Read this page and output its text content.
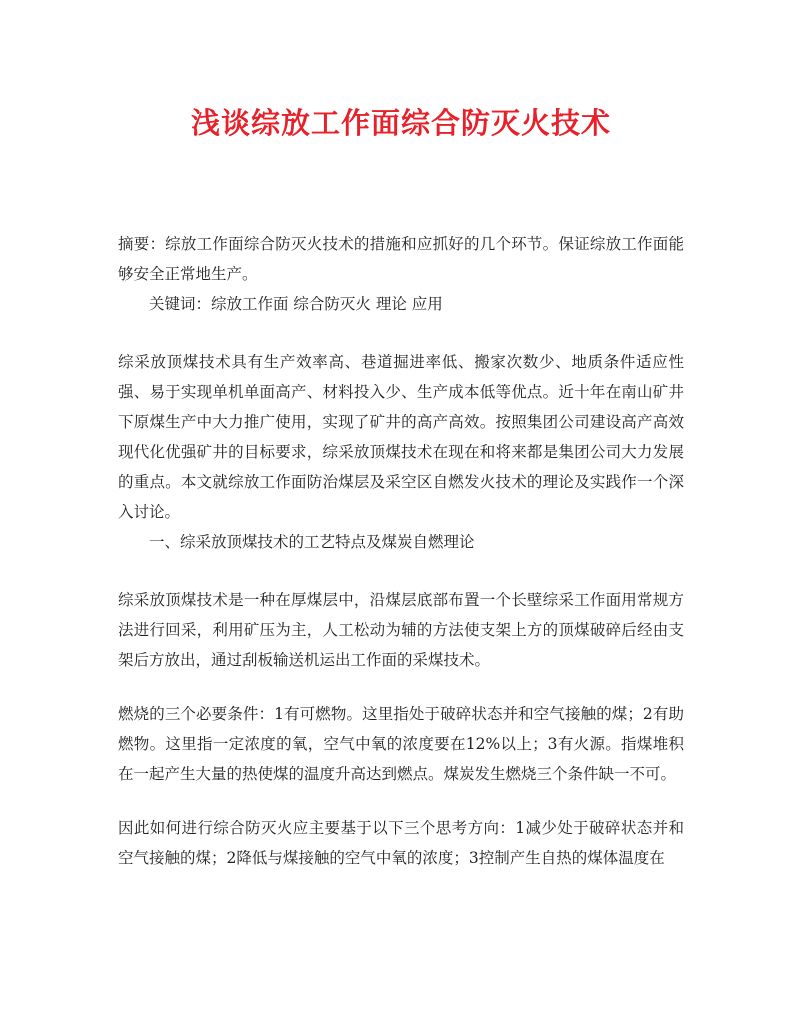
浅谈综放工作面综合防灭火技术

摘要：综放工作面综合防灭火技术的措施和应抓好的几个环节。保证综放工作面能够安全正常地生产。

关键词：综放工作面 综合防灭火 理论 应用

综采放顶煤技术具有生产效率高、巷道掘进率低、搬家次数少、地质条件适应性强、易于实现单机单面高产、材料投入少、生产成本低等优点。近十年在南山矿井下原煤生产中大力推广使用，实现了矿井的高产高效。按照集团公司建设高产高效现代化优强矿井的目标要求，综采放顶煤技术在现在和将来都是集团公司大力发展的重点。本文就综放工作面防治煤层及采空区自燃发火技术的理论及实践作一个深入讨论。

一、综采放顶煤技术的工艺特点及煤炭自燃理论

综采放顶煤技术是一种在厚煤层中，沿煤层底部布置一个长壁综采工作面用常规方法进行回采，利用矿压为主，人工松动为辅的方法使支架上方的顶煤破碎后经由支架后方放出，通过刮板输送机运出工作面的采煤技术。

燃烧的三个必要条件：1有可燃物。这里指处于破碎状态并和空气接触的煤；2有助燃物。这里指一定浓度的氧，空气中氧的浓度要在12%以上；3有火源。指煤堆积在一起产生大量的热使煤的温度升高达到燃点。煤炭发生燃烧三个条件缺一不可。

因此如何进行综合防灭火应主要基于以下三个思考方向：1减少处于破碎状态并和空气接触的煤；2降低与煤接触的空气中氧的浓度；3控制产生自热的煤体温度在
